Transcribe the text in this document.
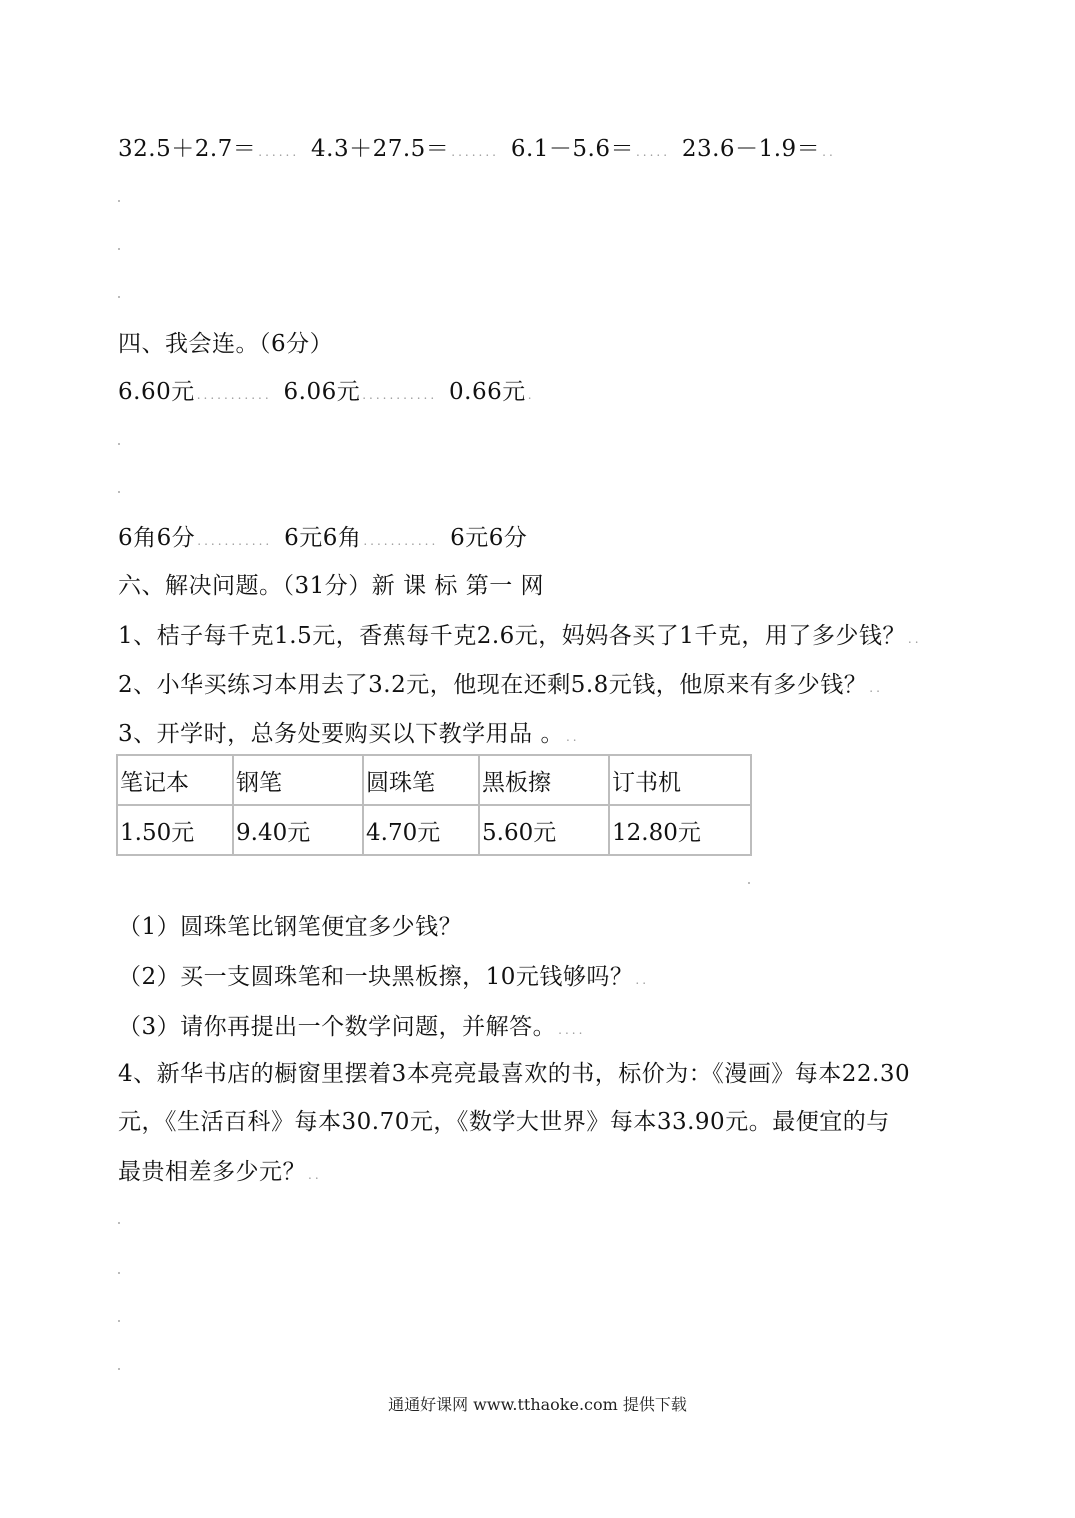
32.5＋2.7＝ ...... 4.3＋27.5＝ ....... 6.1－5.6＝ ..... 23.6－1.9＝ ..
四、我会连。（6分）
6.60元 ........... 6.06元 ........... 0.66元 .
6角6分 ........... 6元6角 ........... 6元6分
六、解决问题。（31分）新 课 标 第一 网
1、桔子每千克1.5元，香蕉每千克2.6元，妈妈各买了1千克，用了多少钱？ ..
2、小华买练习本用去了3.2元，他现在还剩5.8元钱，他原来有多少钱？ ..
3、开学时，总务处要购买以下教学用品 。 ..
笔记本	钢笔	圆珠笔	黑板擦	订书机
1.50元	9.40元	4.70元	5.60元	12.80元
（1）圆珠笔比钢笔便宜多少钱？
（2）买一支圆珠笔和一块黑板擦，10元钱够吗？ ..
（3）请你再提出一个数学问题，并解答。 ....
4、新华书店的橱窗里摆着3本亮亮最喜欢的书，标价为：《漫画》每本22.30
元，《生活百科》每本30.70元，《数学大世界》每本33.90元。最便宜的与
最贵相差多少元？ ..
通通好课网 www.tthaoke.com 提供下载
